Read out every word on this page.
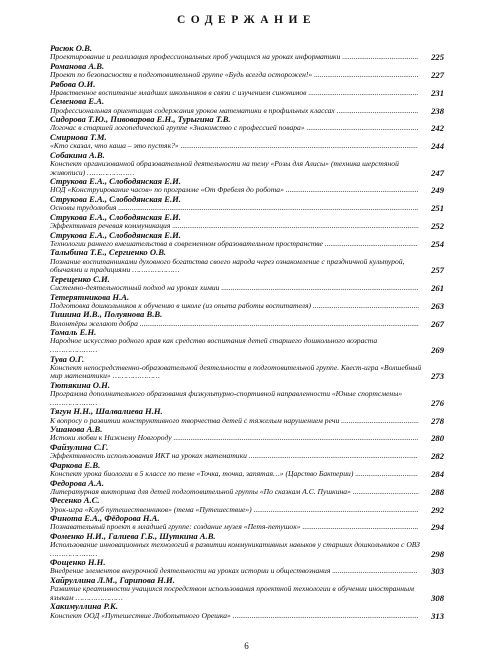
СОДЕРЖАНИЕ
Расюк О.В.
Проектирование и реализация профессиональных проб учащихся на уроках информатики ........................................	225
Романова А.В.
Проект по безопасности в подготовительной группе «Будь всегда осторожен!» .......................................................	227
Рябова О.И.
Нравственное воспитание младших школьников в связи с изучением синонимов ..........................................................	231
Семенова Е.А.
Профессиональная ориентация содержания уроков математики в профильных классах ...........................................	238
Сидорова Т.Ю., Пивоварова Е.Н., Турыгина Т.В.
Логочас в старшей логопедической группе «Знакомство с профессией повара» ...........................................................	242
Смирнова Т.М.
«Кто сказал, что каша – это пустяк?» .............................................................................................................................	244
Собакина А.В.
Конспект организованной образовательной деятельности на тему «Розы для Алисы» (техника шерстяной живописи) …………………	247
Струкова Е.А., Слободянская Е.И.
НОД «Конструирование часов» по программе «От Фребеля до робота» ......................................................................	249
Струкова Е.А., Слободянская Е.И.
Основы трудолюбия ..............................................................................................................................................................	251
Струкова Е.А., Слободянская Е.И.
Эффективная речевая коммуникация ..................................................................................................................................	252
Струкова Е.А., Слободянская Е.И.
Технологии раннего вмешательства в современном образовательном пространстве .................................................	254
Талыбина Т.Е., Сергиенко О.В.
Познание воспитанниками духовного богатства своего народа через ознакомление с праздничной культурой, обычаями и традициями …………………	257
Терещенко С.И.
Системно-деятельностный подход на уроках химии ........................................................................................................	261
Тетерятникова Н.А.
Подготовка дошкольников к обучению в школе (из опыта работы воспитателя) ........................................................	263
Тишина И.В., Полуянова В.В.
Волонтёры желают добра ...................................................................................................................................................	267
Томаль Е.Н.
Народное искусство родного края как средство воспитания детей старшего дошкольного возраста …………………	269
Тува О.Г.
Конспект непосредственно-образовательной деятельности в подготовительной группе. Квест-игра «Волшебный мир математики» …………………	273
Тютякина О.Н.
Программа дополнительного образования физкультурно-спортивной направленности «Юные спортсмены» …………………	276
Тягун Н.Н., Шалвалиева Н.Н.
К вопросу о развитии конструктивного творчества детей с тяжелым нарушением речи .........................................	278
Ушанова А.В.
Истоки любви к Нижнему Новгороду .................................................................................................................................	280
Файзулина С.Г.
Эффективность использования ИКТ на уроках математики .........................................................................................	282
Фаркова Е.В.
Конспект урока биологии в 5 классе по теме «Точка, точка, запятая…» (Царство Бактерии) .................................	284
Федорова А.А.
Литературная викторина для детей подготовительной группы «По сказкам А.С. Пушкина» ...................................	288
Фесенко А.С.
Урок-игра «Клуб путешественников» (тема «Путешествие») .......................................................................................	292
Финота Е.А., Фёдорова Н.А.
Познавательный проект в младшей группе: создание музея «Петя-петушок» .............................................................	294
Фоменко Н.И., Галиева Г.Б., Шуткина А.В.
Использование инновационных технологий в развитии коммуникативных навыков у старших дошкольников с ОВЗ …………………	298
Фощенко Н.Н.
Внедрение элементов внеурочной деятельности на уроках истории и обществознания .............................................	303
Хайруллина Л.М., Гарипова Н.И.
Развитие креативности учащихся посредством использования проектной технологии в обучении иностранным языкам …………………	308
Хакимуллина Р.К.
Конспект ООД «Путешествие Любопытного Орешка» ..................................................................................................	313
6
